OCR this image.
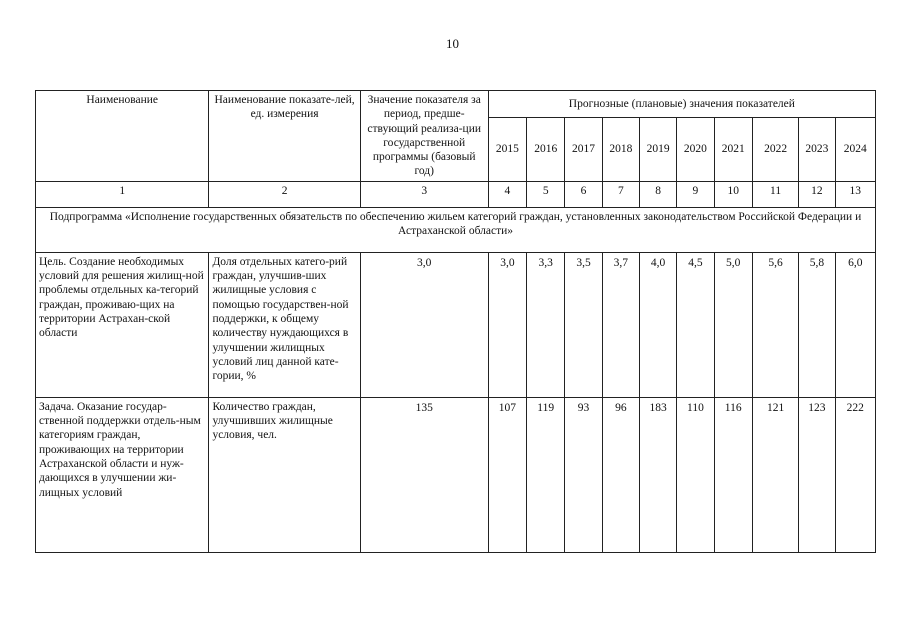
10
Наименование	Наименование показате-лей, ед. измерения	Значение показателя за период, предше-ствующий реализа-ции государственной программы (базовый год)	Прогнозные (плановые) значения показателей									
			2015	2016	2017	2018	2019	2020	2021	2022	2023	2024
1	2	3	4	5	6	7	8	9	10	11	12	13
Подпрограмма «Исполнение государственных обязательств по обеспечению жильем категорий граждан, установленных законодательством Российской Федерации и Астраханской области»												
Цель. Создание необходимых условий для решения жилищ-ной проблемы отдельных ка-тегорий граждан, проживаю-щих на территории Астрахан-ской области	Доля отдельных катего-рий граждан, улучшив-ших жилищные условия с помощью государствен-ной поддержки, к общему количеству нуждающихся в улучшении жилищных условий лиц данной кате-гории, %	3,0	3,0	3,3	3,5	3,7	4,0	4,5	5,0	5,6	5,8	6,0
Задача. Оказание государ-ственной поддержки отдель-ным категориям граждан, проживающих на территории Астраханской области и нуж-дающихся в улучшении жи-лищных условий	Количество граждан, улучшивших жилищные условия, чел.	135	107	119	93	96	183	110	116	121	123	222
